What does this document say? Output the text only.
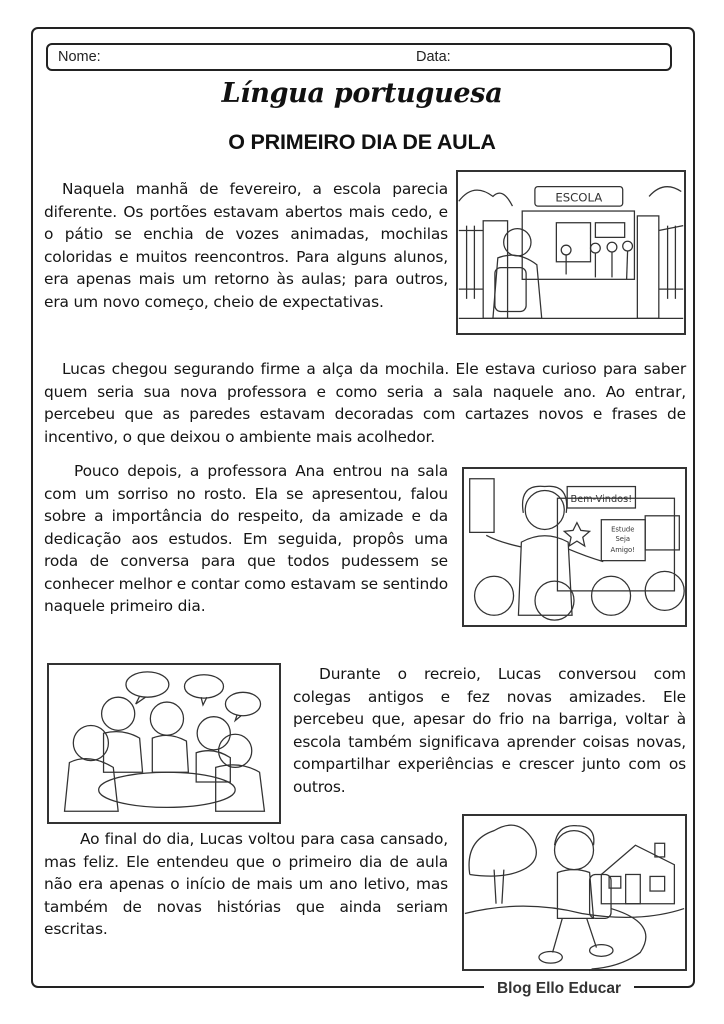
Nome:	Data:
Língua portuguesa
O PRIMEIRO DIA DE AULA
Naquela manhã de fevereiro, a escola parecia diferente. Os portões estavam abertos mais cedo, e o pátio se enchia de vozes animadas, mochilas coloridas e muitos reencontros. Para alguns alunos, era apenas mais um retorno às aulas; para outros, era um novo começo, cheio de expectativas.
ESCOLA
Lucas chegou segurando firme a alça da mochila. Ele estava curioso para saber quem seria sua nova professora e como seria a sala naquele ano. Ao entrar, percebeu que as paredes estavam decoradas com cartazes novos e frases de incentivo, o que deixou o ambiente mais acolhedor.
Pouco depois, a professora Ana entrou na sala com um sorriso no rosto. Ela se apresentou, falou sobre a importância do respeito, da amizade e da dedicação aos estudos. Em seguida, propôs uma roda de conversa para que todos pudessem se conhecer melhor e contar como estavam se sentindo naquele primeiro dia.
Bem-Vindos!
Estude
Seja
Amigo!
Durante o recreio, Lucas conversou com colegas antigos e fez novas amizades. Ele percebeu que, apesar do frio na barriga, voltar à escola também significava aprender coisas novas, compartilhar experiências e crescer junto com os outros.
Ao final do dia, Lucas voltou para casa cansado, mas feliz. Ele entendeu que o primeiro dia de aula não era apenas o início de mais um ano letivo, mas também de novas histórias que ainda seriam escritas.
Blog Ello Educar
